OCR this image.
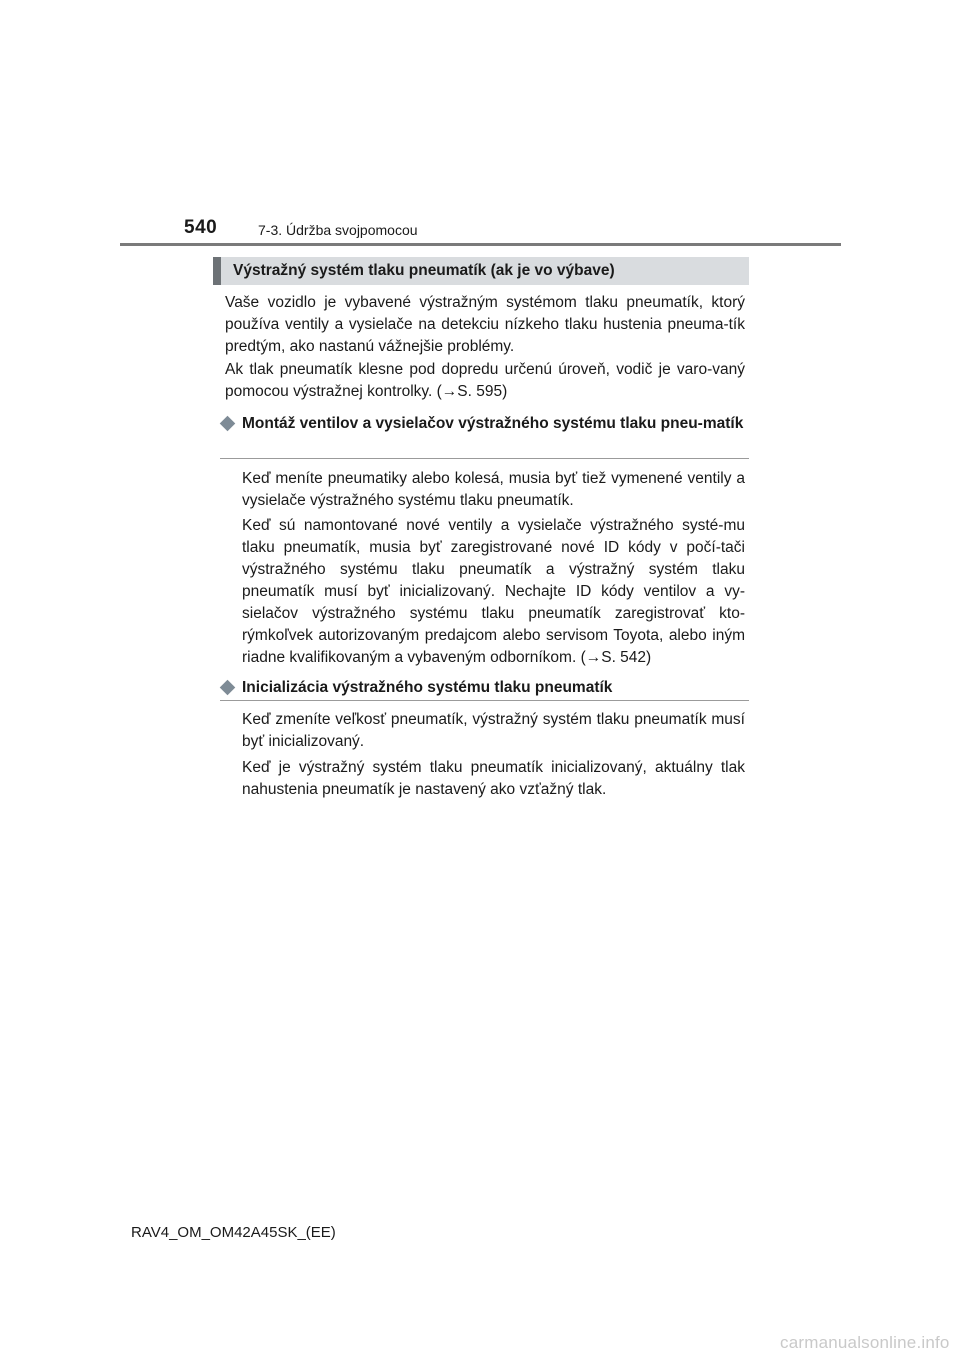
540	7-3. Údržba svojpomocou
Výstražný systém tlaku pneumatík (ak je vo výbave)

Vaše vozidlo je vybavené výstražným systémom tlaku pneumatík, ktorý používa ventily a vysielače na detekciu nízkeho tlaku hustenia pneuma-tík predtým, ako nastanú vážnejšie problémy.

Ak tlak pneumatík klesne pod dopredu určenú úroveň, vodič je varo-vaný pomocou výstražnej kontrolky. (→S. 595)

Montáž ventilov a vysielačov výstražného systému tlaku pneu-matík

Keď meníte pneumatiky alebo kolesá, musia byť tiež vymenené ventily a vysielače výstražného systému tlaku pneumatík.

Keď sú namontované nové ventily a vysielače výstražného systé-mu tlaku pneumatík, musia byť zaregistrované nové ID kódy v počí-tači výstražného systému tlaku pneumatík a výstražný systém tlaku pneumatík musí byť inicializovaný. Nechajte ID kódy ventilov a vy-sielačov výstražného systému tlaku pneumatík zaregistrovať kto-rýmkoľvek autorizovaným predajcom alebo servisom Toyota, alebo iným riadne kvalifikovaným a vybaveným odborníkom. (→S. 542)

Inicializácia výstražného systému tlaku pneumatík

Keď zmeníte veľkosť pneumatík, výstražný systém tlaku pneumatík musí byť inicializovaný.

Keď je výstražný systém tlaku pneumatík inicializovaný, aktuálny tlak nahustenia pneumatík je nastavený ako vzťažný tlak.

RAV4_OM_OM42A45SK_(EE)
carmanualsonline.info
